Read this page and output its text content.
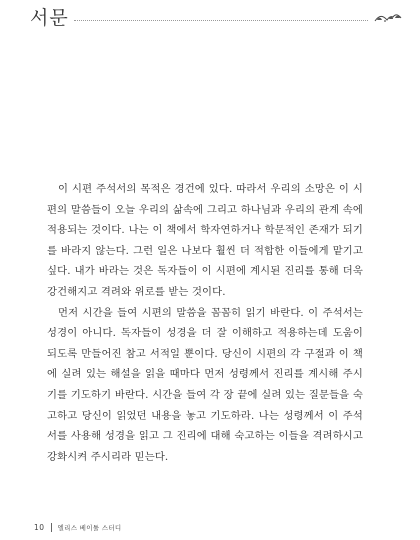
서문

이 시편 주석서의 목적은 경건에 있다. 따라서 우리의 소망은 이 시편의 말씀들이 오늘 우리의 삶속에 그리고 하나님과 우리의 관계 속에 적용되는 것이다. 나는 이 책에서 학자연하거나 학문적인 존재가 되기를 바라지 않는다. 그런 일은 나보다 훨씬 더 적합한 이들에게 맡기고 싶다. 내가 바라는 것은 독자들이 이 시편에 계시된 진리를 통해 더욱 강건해지고 격려와 위로를 받는 것이다.

먼저 시간을 들여 시편의 말씀을 꼼꼼히 읽기 바란다. 이 주석서는 성경이 아니다. 독자들이 성경을 더 잘 이해하고 적용하는데 도움이 되도록 만들어진 참고 서적일 뿐이다. 당신이 시편의 각 구절과 이 책에 실려 있는 해설을 읽을 때마다 먼저 성령께서 진리를 계시해 주시기를 기도하기 바란다. 시간을 들여 각 장 끝에 실려 있는 질문들을 숙고하고 당신이 읽었던 내용을 놓고 기도하라. 나는 성령께서 이 주석서를 사용해 성경을 읽고 그 진리에 대해 숙고하는 이들을 격려하시고 강화시켜 주시리라 믿는다.

10 엘리스 베이툴 스터디
